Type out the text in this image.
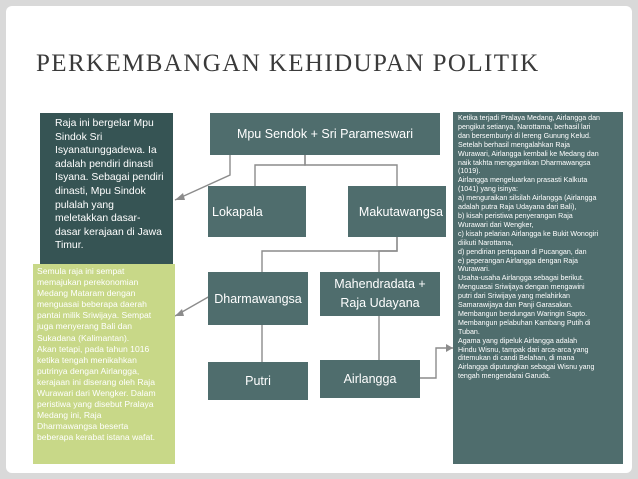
PERKEMBANGAN KEHIDUPAN POLITIK
Mpu Sendok + Sri Parameswari
Lokapala	Makutawangsa
Dharmawangsa
Mahendradata +
Raja Udayana
Putri	Airlangga
Raja ini bergelar Mpu
Sindok Sri
Isyanatunggadewa. Ia
adalah pendiri dinasti
Isyana. Sebagai pendiri
dinasti, Mpu Sindok
pulalah yang
meletakkan dasar-
dasar kerajaan di Jawa
Timur.
Semula raja ini sempat
memajukan perekonomian
Medang Mataram dengan
menguasai beberapa daerah
pantai milik Sriwijaya. Sempat
juga menyerang Bali dan
Sukadana (Kalimantan).
Akan tetapi, pada tahun 1016
ketika tengah menikahkan
putrinya dengan Airlangga,
kerajaan ini diserang oleh Raja
Wurawari dari Wengker. Dalam
peristiwa yang disebut Pralaya
Medang ini, Raja
Dharmawangsa beserta
beberapa kerabat istana wafat.
Ketika terjadi Pralaya Medang, Airlangga dan
pengikut setianya, Narottama, berhasil lari
dan bersembunyi di lereng Gunung Kelud.
Setelah berhasil mengalahkan Raja
Wurawari, Airlangga kembali ke Medang dan
naik takhta menggantikan Dharmawangsa
(1019).
Airlangga mengeluarkan prasasti Kalkuta
(1041) yang isinya:
a) menguraikan silsilah Airlangga (Airlangga
adalah putra Raja Udayana dari Bali),
b) kisah peristiwa penyerangan Raja
Wurawari dari Wengker,
c) kisah pelarian Airlangga ke Bukit Wonogiri
diikuti Narottama,
d) pendirian pertapaan di Pucangan, dan
e) peperangan Airlangga dengan Raja
Wurawari.
Usaha-usaha Airlangga sebagai berikut.
Menguasai Sriwijaya dengan mengawini
putri dari Sriwijaya yang melahirkan
Samarawijaya dan Panji Garasakan.
Membangun bendungan Waringin Sapto.
Membangun pelabuhan Kambang Putih di
Tuban.
Agama yang dipeluk Airlangga adalah
Hindu Wisnu, tampak dari arca-arca yang
ditemukan di candi Belahan, di mana
Airlangga diputungkan sebagai Wisnu yang
tengah mengendarai Garuda.
